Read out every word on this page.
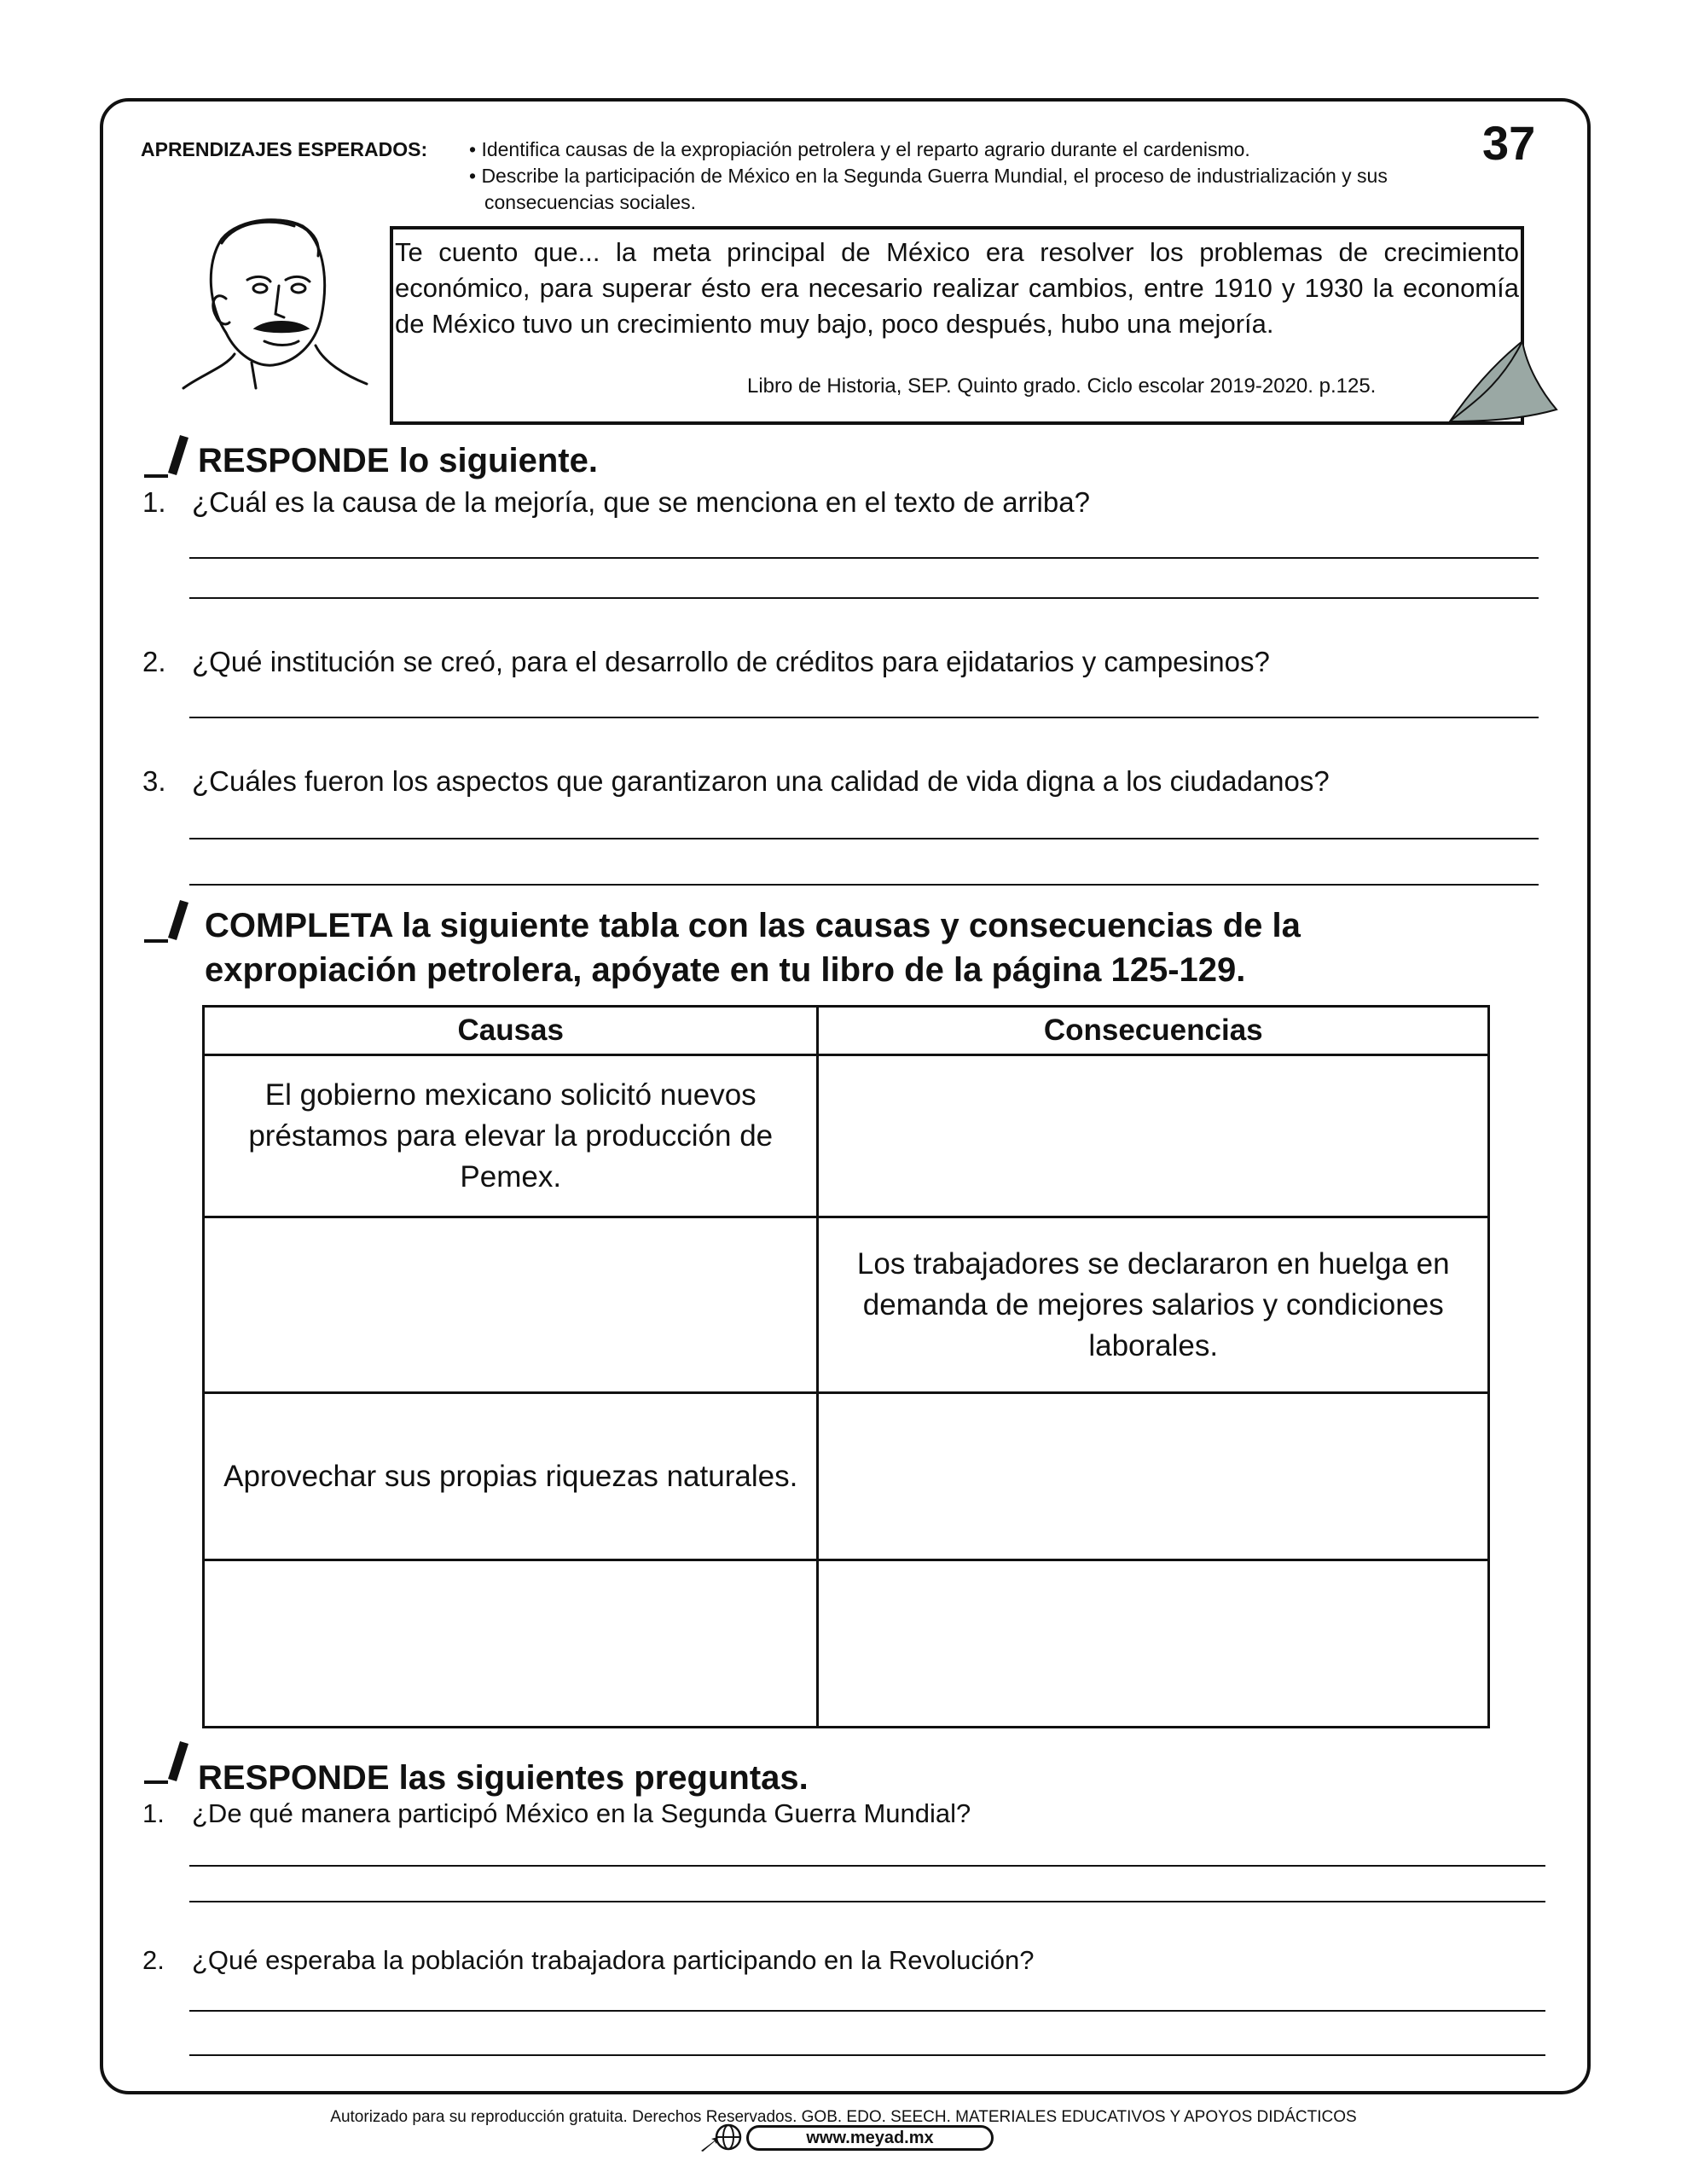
37
APRENDIZAJES ESPERADOS: • Identifica causas de la expropiación petrolera y el reparto agrario durante el cardenismo.
• Describe la participación de México en la Segunda Guerra Mundial, el proceso de industrialización y sus
consecuencias sociales.
Te cuento que... la meta principal de México era resolver los problemas de crecimiento económico, para superar ésto era necesario realizar cambios, entre 1910 y 1930 la economía de México tuvo un crecimiento muy bajo, poco después, hubo una mejoría.
Libro de Historia, SEP. Quinto grado. Ciclo escolar 2019-2020. p.125.
RESPONDE lo siguiente.
1. ¿Cuál es la causa de la mejoría, que se menciona en el texto de arriba?
2. ¿Qué institución se creó, para el desarrollo de créditos para ejidatarios y campesinos?
3. ¿Cuáles fueron los aspectos que garantizaron una calidad de vida digna a los ciudadanos?
COMPLETA la siguiente tabla con las causas y consecuencias de la
expropiación petrolera, apóyate en tu libro de la página 125-129.
Causas	Consecuencias
El gobierno mexicano solicitó nuevos préstamos para elevar la producción de Pemex.	
	Los trabajadores se declararon en huelga en demanda de mejores salarios y condiciones laborales.
Aprovechar sus propias riquezas naturales.	

RESPONDE las siguientes preguntas.
1. ¿De qué manera participó México en la Segunda Guerra Mundial?
2. ¿Qué esperaba la población trabajadora participando en la Revolución?
Autorizado para su reproducción gratuita. Derechos Reservados. GOB. EDO. SEECH. MATERIALES EDUCATIVOS Y APOYOS DIDÁCTICOS
www.meyad.mx
